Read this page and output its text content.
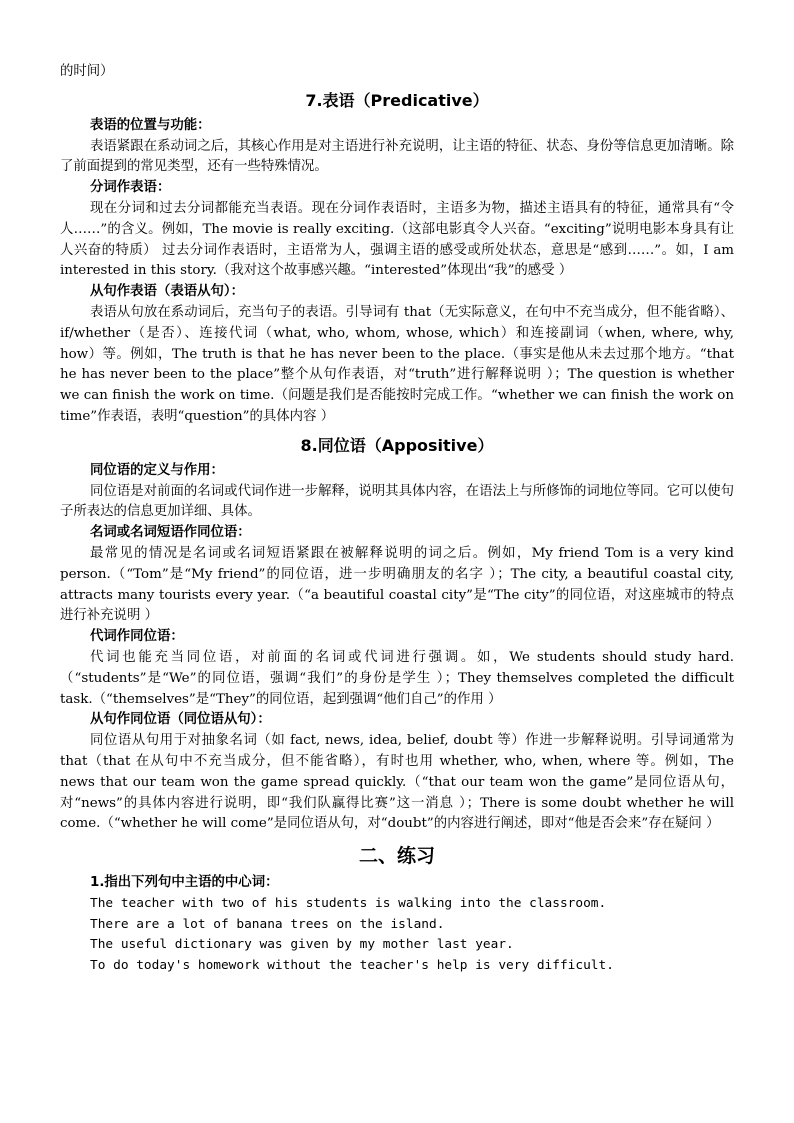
的时间）

7.表语（Predicative）

表语的位置与功能：

表语紧跟在系动词之后，其核心作用是对主语进行补充说明，让主语的特征、状态、身份等信息更加清晰。除了前面提到的常见类型，还有一些特殊情况。

分词作表语：

现在分词和过去分词都能充当表语。现在分词作表语时，主语多为物，描述主语具有的特征，通常具有“令人……”的含义。例如，The movie is really exciting.（这部电影真令人兴奋。“exciting”说明电影本身具有让人兴奋的特质） 过去分词作表语时，主语常为人，强调主语的感受或所处状态，意思是“感到……”。如，I am interested in this story.（我对这个故事感兴趣。“interested”体现出“我”的感受 ）

从句作表语（表语从句）：

表语从句放在系动词后，充当句子的表语。引导词有 that（无实际意义，在句中不充当成分，但不能省略）、if/whether（是否）、连接代词（what, who, whom, whose, which）和连接副词（when, where, why, how）等。例如，The truth is that he has never been to the place.（事实是他从未去过那个地方。“that he has never been to the place”整个从句作表语，对“truth”进行解释说明 ）；The question is whether we can finish the work on time.（问题是我们是否能按时完成工作。“whether we can finish the work on time”作表语，表明“question”的具体内容 ）

8.同位语（Appositive）

同位语的定义与作用：

同位语是对前面的名词或代词作进一步解释，说明其具体内容，在语法上与所修饰的词地位等同。它可以使句子所表达的信息更加详细、具体。

名词或名词短语作同位语：

最常见的情况是名词或名词短语紧跟在被解释说明的词之后。例如，My friend Tom is a very kind person.（“Tom”是“My friend”的同位语，进一步明确朋友的名字 ）；The city, a beautiful coastal city, attracts many tourists every year.（“a beautiful coastal city”是“The city”的同位语，对这座城市的特点进行补充说明 ）

代词作同位语：

代词也能充当同位语，对前面的名词或代词进行强调。如，We students should study hard.（“students”是“We”的同位语，强调“我们”的身份是学生 ）；They themselves completed the difficult task.（“themselves”是“They”的同位语，起到强调“他们自己”的作用 ）

从句作同位语（同位语从句）：

同位语从句用于对抽象名词（如 fact, news, idea, belief, doubt 等）作进一步解释说明。引导词通常为 that（that 在从句中不充当成分，但不能省略），有时也用 whether, who, when, where 等。例如，The news that our team won the game spread quickly.（“that our team won the game”是同位语从句，对“news”的具体内容进行说明，即“我们队赢得比赛”这一消息 ）；There is some doubt whether he will come.（“whether he will come”是同位语从句，对“doubt”的内容进行阐述，即对“他是否会来”存在疑问 ）

二、练习

1.指出下列句中主语的中心词：

The teacher with two of his students is walking into the classroom.

There are a lot of banana trees on the island.

The useful dictionary was given by my mother last year.

To do today's homework without the teacher's help is very difficult.
